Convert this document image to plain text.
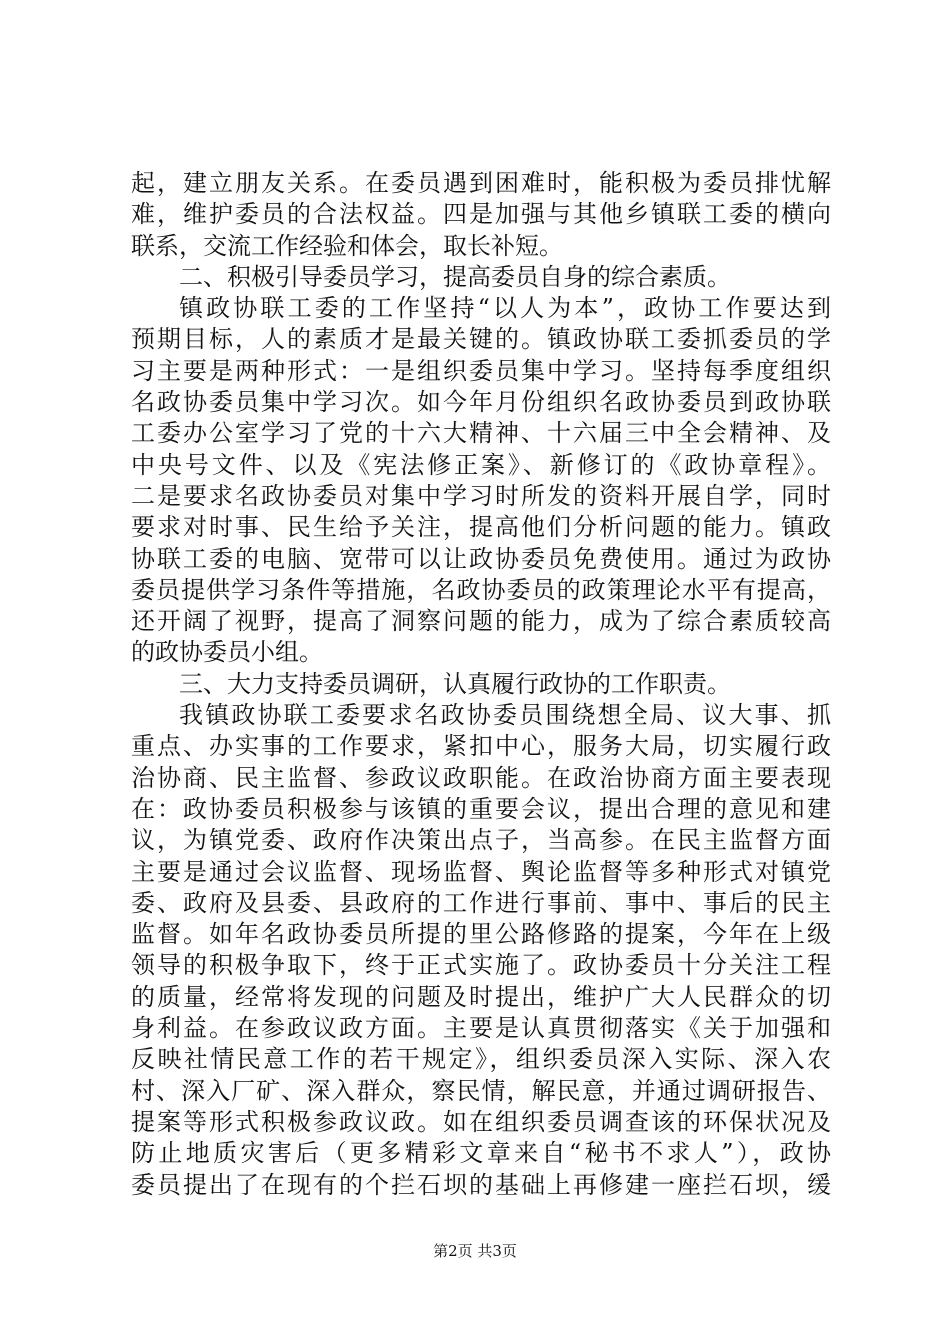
起，建立朋友关系。在委员遇到困难时，能积极为委员排忧解
难，维护委员的合法权益。四是加强与其他乡镇联工委的横向
联系，交流工作经验和体会，取长补短。
二、积极引导委员学习，提高委员自身的综合素质。
镇政协联工委的工作坚持“以人为本”，政协工作要达到
预期目标，人的素质才是最关键的。镇政协联工委抓委员的学
习主要是两种形式：一是组织委员集中学习。坚持每季度组织
名政协委员集中学习次。如今年月份组织名政协委员到政协联
工委办公室学习了党的十六大精神、十六届三中全会精神、及
中央号文件、以及《宪法修正案》、新修订的《政协章程》。
二是要求名政协委员对集中学习时所发的资料开展自学，同时
要求对时事、民生给予关注，提高他们分析问题的能力。镇政
协联工委的电脑、宽带可以让政协委员免费使用。通过为政协
委员提供学习条件等措施，名政协委员的政策理论水平有提高，
还开阔了视野，提高了洞察问题的能力，成为了综合素质较高
的政协委员小组。
三、大力支持委员调研，认真履行政协的工作职责。
我镇政协联工委要求名政协委员围绕想全局、议大事、抓
重点、办实事的工作要求，紧扣中心，服务大局，切实履行政
治协商、民主监督、参政议政职能。在政治协商方面主要表现
在：政协委员积极参与该镇的重要会议，提出合理的意见和建
议，为镇党委、政府作决策出点子，当高参。在民主监督方面
主要是通过会议监督、现场监督、舆论监督等多种形式对镇党
委、政府及县委、县政府的工作进行事前、事中、事后的民主
监督。如年名政协委员所提的里公路修路的提案，今年在上级
领导的积极争取下，终于正式实施了。政协委员十分关注工程
的质量，经常将发现的问题及时提出，维护广大人民群众的切
身利益。在参政议政方面。主要是认真贯彻落实《关于加强和
反映社情民意工作的若干规定》，组织委员深入实际、深入农
村、深入厂矿、深入群众，察民情，解民意，并通过调研报告、
提案等形式积极参政议政。如在组织委员调查该的环保状况及
防止地质灾害后（更多精彩文章来自“秘书不求人”），政协
委员提出了在现有的个拦石坝的基础上再修建一座拦石坝，缓
第2页 共3页
